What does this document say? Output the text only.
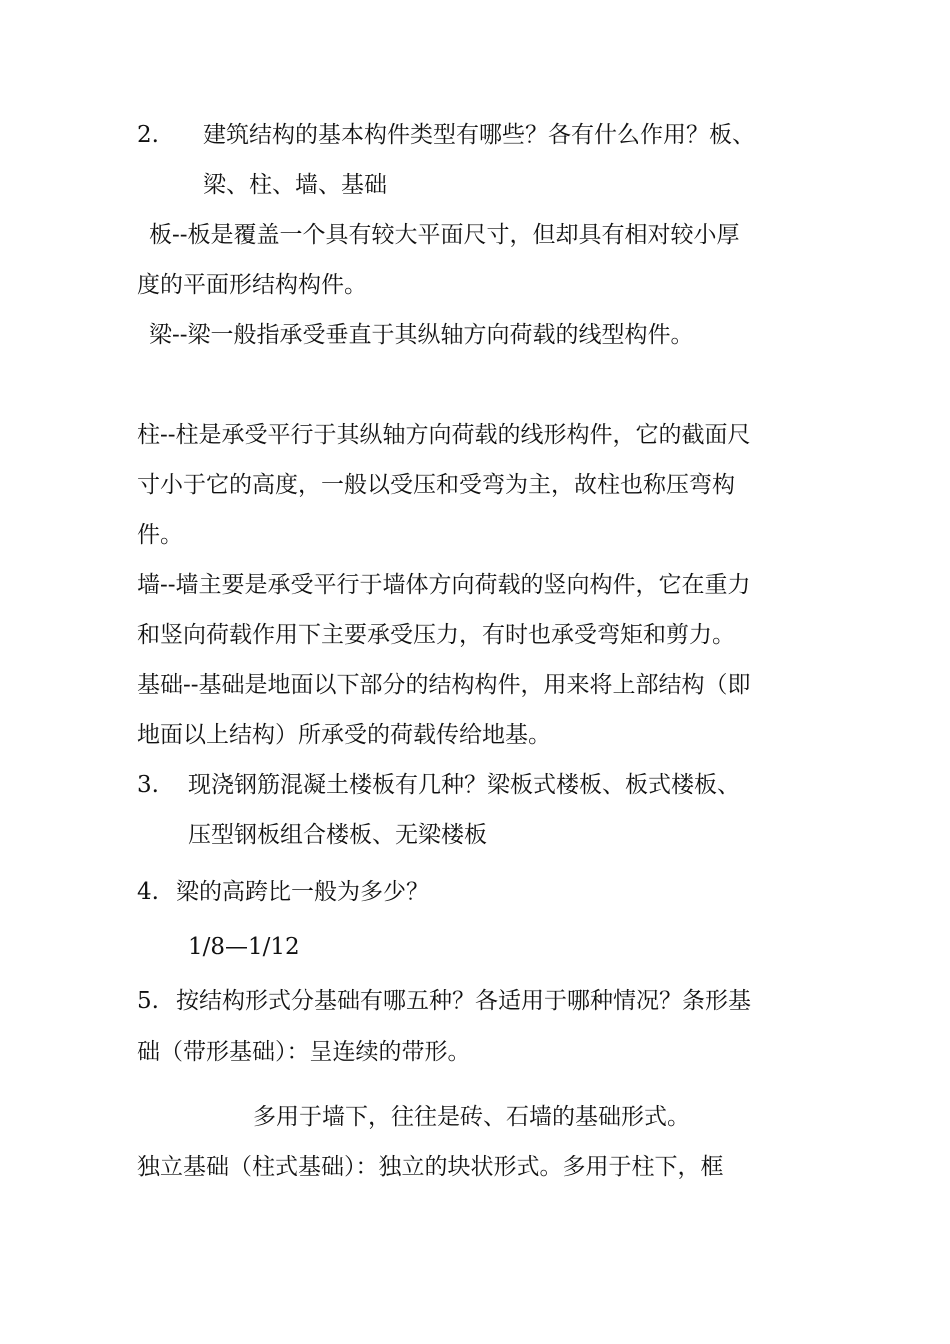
2. 建筑结构的基本构件类型有哪些？各有什么作用？板、
梁、柱、墙、基础
板--板是覆盖一个具有较大平面尺寸，但却具有相对较小厚
度的平面形结构构件。
梁--梁一般指承受垂直于其纵轴方向荷载的线型构件。
柱--柱是承受平行于其纵轴方向荷载的线形构件，它的截面尺
寸小于它的高度，一般以受压和受弯为主，故柱也称压弯构
件。
墙--墙主要是承受平行于墙体方向荷载的竖向构件，它在重力
和竖向荷载作用下主要承受压力，有时也承受弯矩和剪力。
基础--基础是地面以下部分的结构构件，用来将上部结构（即
地面以上结构）所承受的荷载传给地基。
3. 现浇钢筋混凝土楼板有几种？梁板式楼板、板式楼板、
压型钢板组合楼板、无梁楼板
4. 梁的高跨比一般为多少？
1/8—1/12
5. 按结构形式分基础有哪五种？各适用于哪种情况？条形基
础（带形基础）：呈连续的带形。
多用于墙下，往往是砖、石墙的基础形式。
独立基础（柱式基础）：独立的块状形式。多用于柱下，框
